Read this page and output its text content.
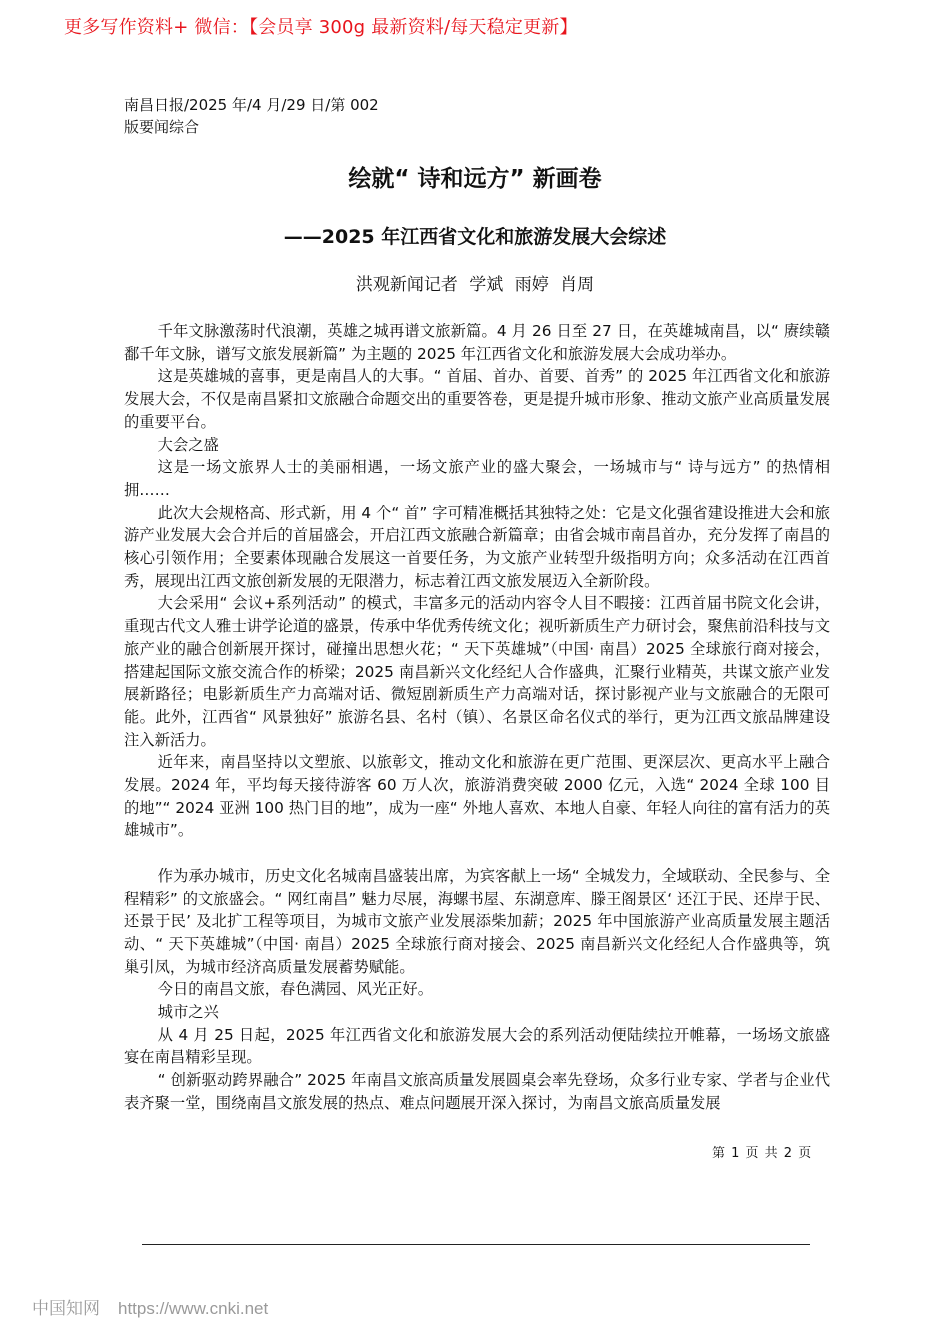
更多写作资料+ 微信：【会员享 300g 最新资料/每天稳定更新】
南昌日报/2025 年/4 月/29 日/第 002
版要闻综合
绘就“ 诗和远方” 新画卷
——2025 年江西省文化和旅游发展大会综述
洪观新闻记者 学斌 雨婷 肖周

千年文脉激荡时代浪潮，英雄之城再谱文旅新篇。4 月 26 日至 27 日，在英雄城南昌，以“ 赓续赣鄱千年文脉，谱写文旅发展新篇” 为主题的 2025 年江西省文化和旅游发展大会成功举办。

这是英雄城的喜事，更是南昌人的大事。“ 首届、首办、首要、首秀” 的 2025 年江西省文化和旅游发展大会，不仅是南昌紧扣文旅融合命题交出的重要答卷，更是提升城市形象、推动文旅产业高质量发展的重要平台。

大会之盛

这是一场文旅界人士的美丽相遇，一场文旅产业的盛大聚会，一场城市与“ 诗与远方” 的热情相拥……

此次大会规格高、形式新，用 4 个“ 首” 字可精准概括其独特之处：它是文化强省建设推进大会和旅游产业发展大会合并后的首届盛会，开启江西文旅融合新篇章；由省会城市南昌首办，充分发挥了南昌的核心引领作用；全要素体现融合发展这一首要任务，为文旅产业转型升级指明方向；众多活动在江西首秀，展现出江西文旅创新发展的无限潜力，标志着江西文旅发展迈入全新阶段。

大会采用“ 会议+系列活动” 的模式，丰富多元的活动内容令人目不暇接：江西首届书院文化会讲，重现古代文人雅士讲学论道的盛景，传承中华优秀传统文化；视听新质生产力研讨会，聚焦前沿科技与文旅产业的融合创新展开探讨，碰撞出思想火花；“ 天下英雄城”（中国· 南昌）2025 全球旅行商对接会，搭建起国际文旅交流合作的桥梁；2025 南昌新兴文化经纪人合作盛典，汇聚行业精英，共谋文旅产业发展新路径；电影新质生产力高端对话、微短剧新质生产力高端对话，探讨影视产业与文旅融合的无限可能。此外，江西省“ 风景独好” 旅游名县、名村（镇）、名景区命名仪式的举行，更为江西文旅品牌建设注入新活力。

近年来，南昌坚持以文塑旅、以旅彰文，推动文化和旅游在更广范围、更深层次、更高水平上融合发展。2024 年，平均每天接待游客 60 万人次，旅游消费突破 2000 亿元，入选“ 2024 全球 100 目的地”“ 2024 亚洲 100 热门目的地”，成为一座“ 外地人喜欢、本地人自豪、年轻人向往的富有活力的英雄城市”。

作为承办城市，历史文化名城南昌盛装出席，为宾客献上一场“ 全城发力，全域联动、全民参与、全程精彩” 的文旅盛会。“ 网红南昌” 魅力尽展，海螺书屋、东湖意库、滕王阁景区‘ 还江于民、还岸于民、还景于民’ 及北扩工程等项目，为城市文旅产业发展添柴加薪；2025 年中国旅游产业高质量发展主题活动、“ 天下英雄城”（中国· 南昌）2025 全球旅行商对接会、2025 南昌新兴文化经纪人合作盛典等，筑巢引凤，为城市经济高质量发展蓄势赋能。

今日的南昌文旅，春色满园、风光正好。

城市之兴

从 4 月 25 日起，2025 年江西省文化和旅游发展大会的系列活动便陆续拉开帷幕，一场场文旅盛宴在南昌精彩呈现。

“ 创新驱动跨界融合” 2025 年南昌文旅高质量发展圆桌会率先登场，众多行业专家、学者与企业代表齐聚一堂，围绕南昌文旅发展的热点、难点问题展开深入探讨，为南昌文旅高质量发展

第 1 页 共 2 页
中国知网 https://www.cnki.net
